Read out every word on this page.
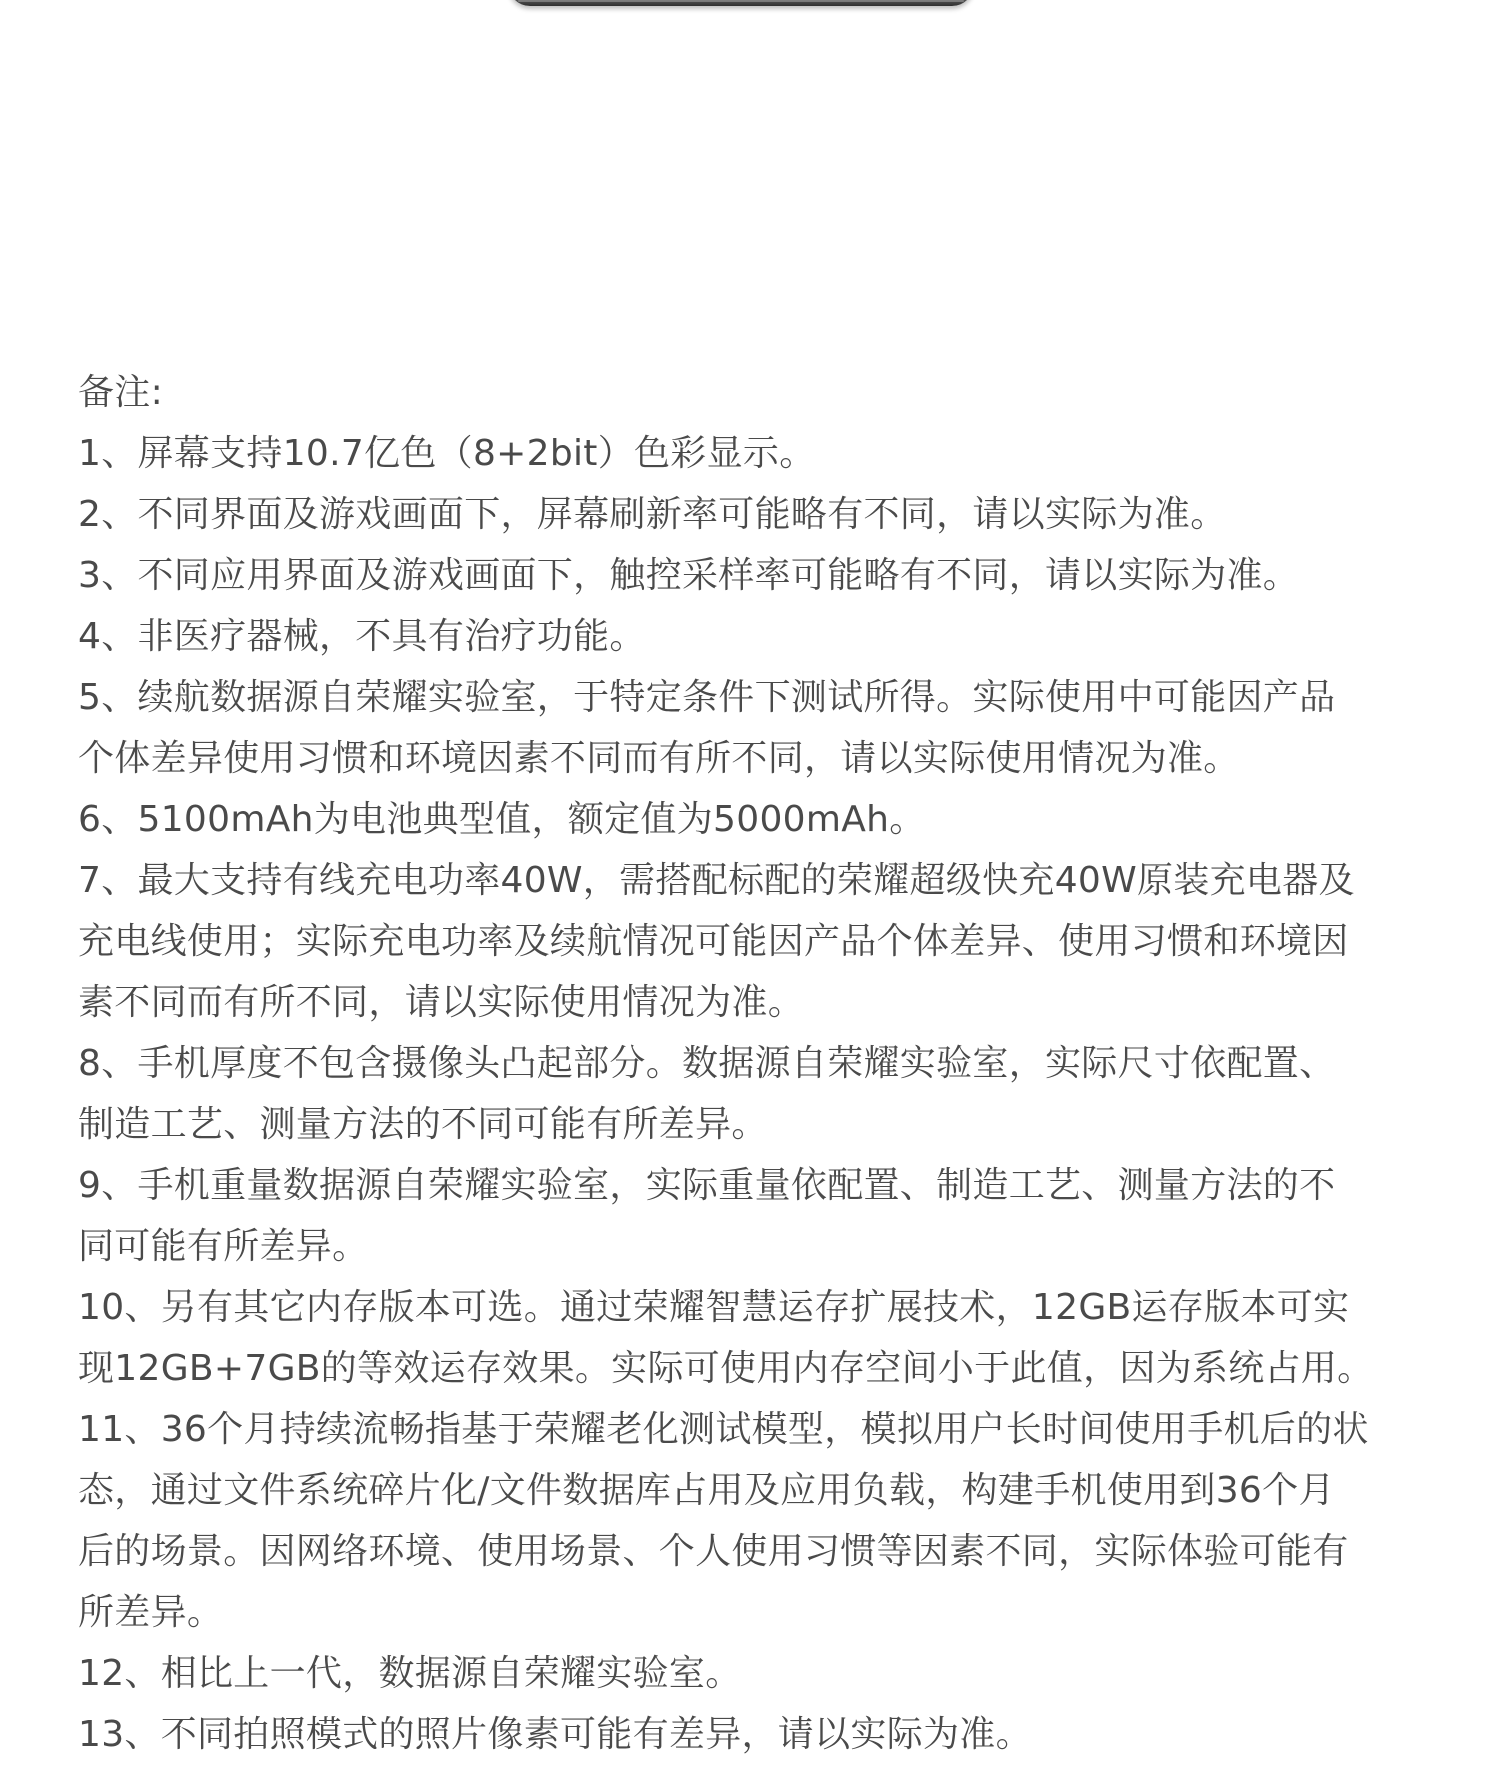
备注:
1、屏幕支持10.7亿色（8+2bit）色彩显示。
2、不同界面及游戏画面下，屏幕刷新率可能略有不同，请以实际为准。
3、不同应用界面及游戏画面下，触控采样率可能略有不同，请以实际为准。
4、非医疗器械，不具有治疗功能。
5、续航数据源自荣耀实验室，于特定条件下测试所得。实际使用中可能因产品
个体差异使用习惯和环境因素不同而有所不同，请以实际使用情况为准。
6、5100mAh为电池典型值，额定值为5000mAh。
7、最大支持有线充电功率40W，需搭配标配的荣耀超级快充40W原装充电器及
充电线使用；实际充电功率及续航情况可能因产品个体差异、使用习惯和环境因
素不同而有所不同，请以实际使用情况为准。
8、手机厚度不包含摄像头凸起部分。数据源自荣耀实验室，实际尺寸依配置、
制造工艺、测量方法的不同可能有所差异。
9、手机重量数据源自荣耀实验室，实际重量依配置、制造工艺、测量方法的不
同可能有所差异。
10、另有其它内存版本可选。通过荣耀智慧运存扩展技术，12GB运存版本可实
现12GB+7GB的等效运存效果。实际可使用内存空间小于此值，因为系统占用。
11、36个月持续流畅指基于荣耀老化测试模型，模拟用户长时间使用手机后的状
态，通过文件系统碎片化/文件数据库占用及应用负载，构建手机使用到36个月
后的场景。因网络环境、使用场景、个人使用习惯等因素不同，实际体验可能有
所差异。
12、相比上一代，数据源自荣耀实验室。
13、不同拍照模式的照片像素可能有差异，请以实际为准。
